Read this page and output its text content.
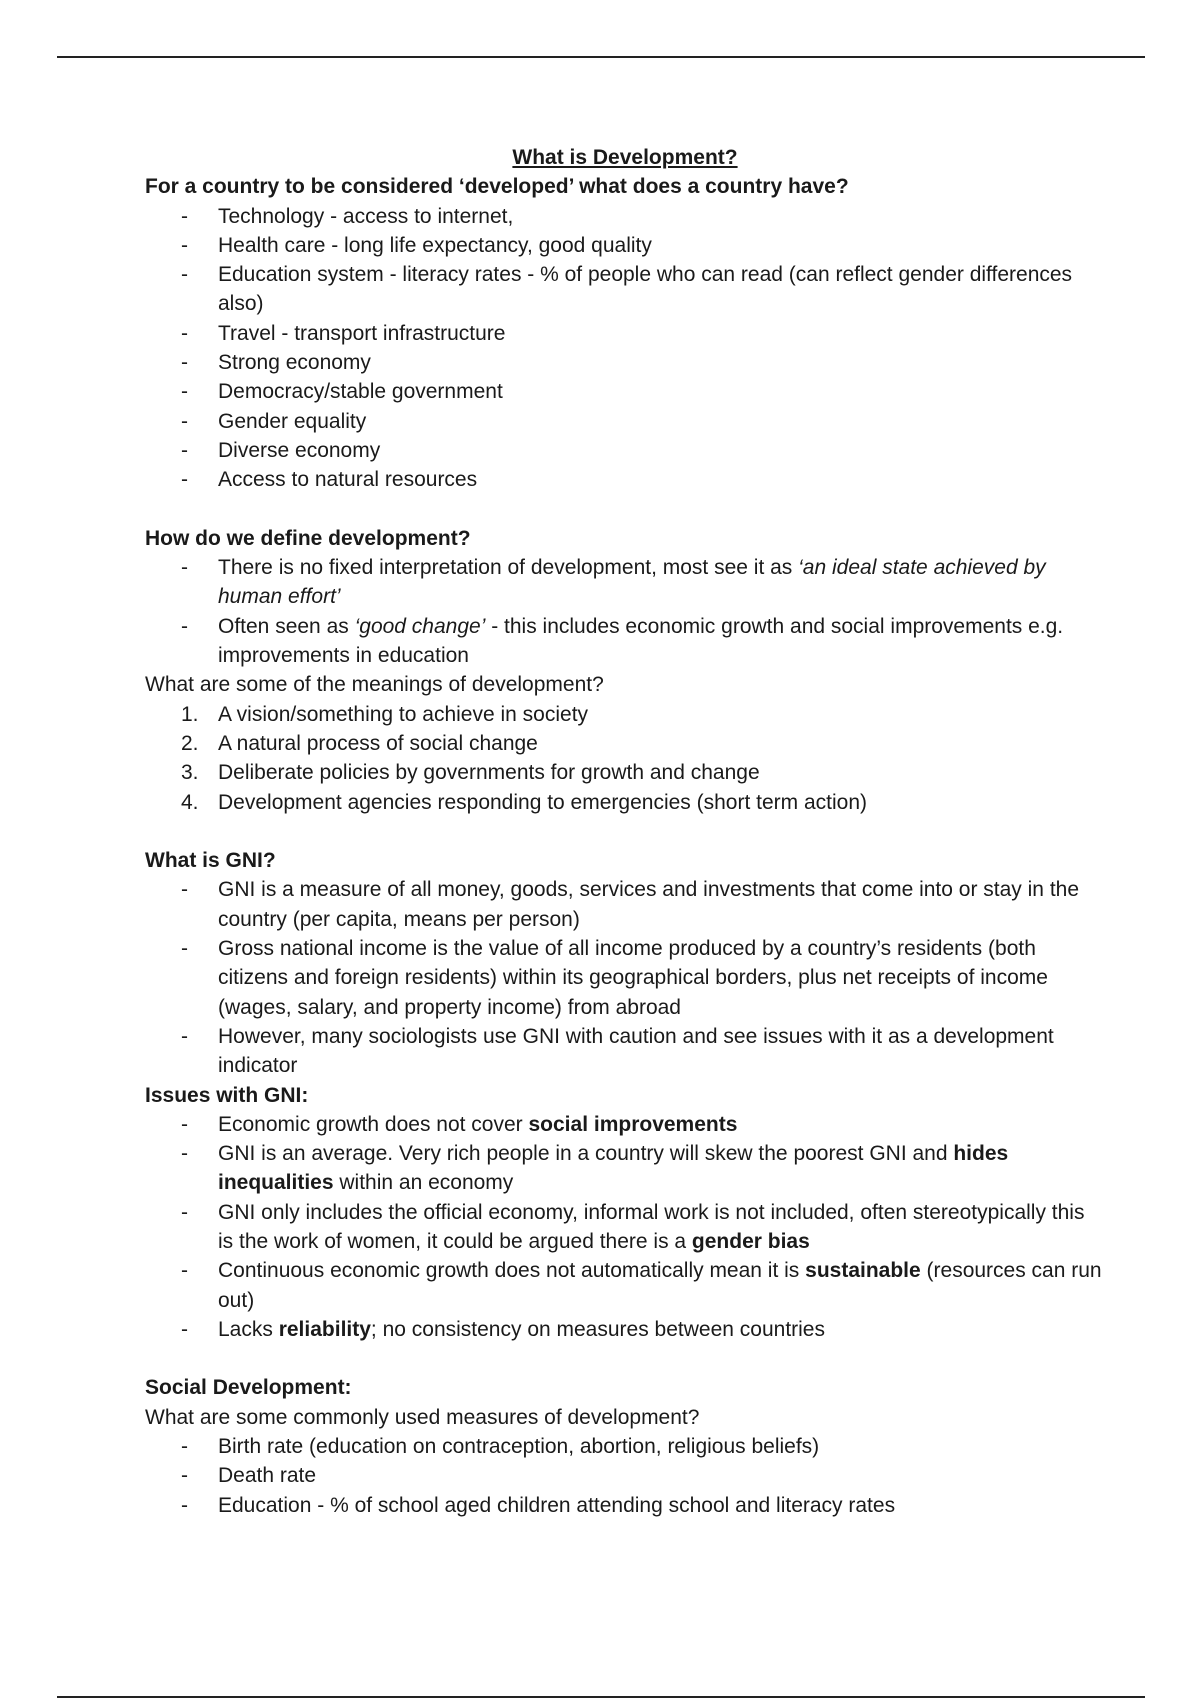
What is Development?

For a country to be considered ‘developed’ what does a country have?

-	Technology - access to internet,
-	Health care - long life expectancy, good quality
-	Education system - literacy rates - % of people who can read (can reflect gender differences also)
-	Travel - transport infrastructure
-	Strong economy
-	Democracy/stable government
-	Gender equality
-	Diverse economy
-	Access to natural resources

How do we define development?

-	There is no fixed interpretation of development, most see it as ‘an ideal state achieved by human effort’
-	Often seen as ‘good change’ - this includes economic growth and social improvements e.g. improvements in education

What are some of the meanings of development?

1. A vision/something to achieve in society
2. A natural process of social change
3. Deliberate policies by governments for growth and change
4. Development agencies responding to emergencies (short term action)

What is GNI?

-	GNI is a measure of all money, goods, services and investments that come into or stay in the country (per capita, means per person)
-	Gross national income is the value of all income produced by a country’s residents (both citizens and foreign residents) within its geographical borders, plus net receipts of income (wages, salary, and property income) from abroad
-	However, many sociologists use GNI with caution and see issues with it as a development indicator

Issues with GNI:

-	Economic growth does not cover social improvements
-	GNI is an average. Very rich people in a country will skew the poorest GNI and hides inequalities within an economy
-	GNI only includes the official economy, informal work is not included, often stereotypically this is the work of women, it could be argued there is a gender bias
-	Continuous economic growth does not automatically mean it is sustainable (resources can run out)
-	Lacks reliability; no consistency on measures between countries

Social Development:

What are some commonly used measures of development?

-	Birth rate (education on contraception, abortion, religious beliefs)
-	Death rate
-	Education - % of school aged children attending school and literacy rates
